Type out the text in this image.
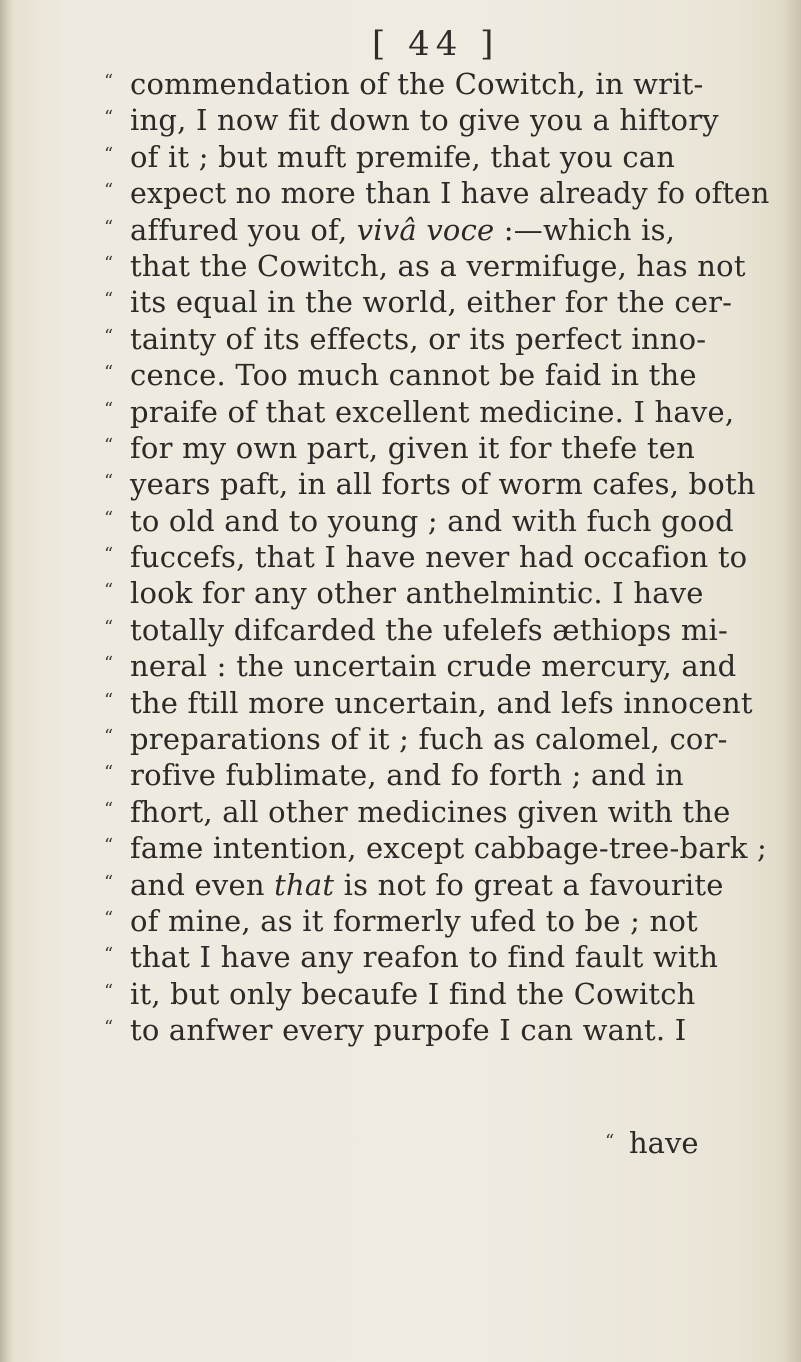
[ 44 ]
“ commendation of the Cowitch, in writ-
“ ing, I now fit down to give you a hiftory
“ of it ; but muft premife, that you can
“ expect no more than I have already fo often
“ affured you of, vivâ voce :—which is,
“ that the Cowitch, as a vermifuge, has not
“ its equal in the world, either for the cer-
“ tainty of its effects, or its perfect inno-
“ cence. Too much cannot be faid in the
“ praife of that excellent medicine. I have,
“ for my own part, given it for thefe ten
“ years paft, in all forts of worm cafes, both
“ to old and to young ; and with fuch good
“ fuccefs, that I have never had occafion to
“ look for any other anthelmintic. I have
“ totally difcarded the ufelefs æthiops mi-
“ neral : the uncertain crude mercury, and
“ the ftill more uncertain, and lefs innocent
“ preparations of it ; fuch as calomel, cor-
“ rofive fublimate, and fo forth ; and in
“ fhort, all other medicines given with the
“ fame intention, except cabbage-tree-bark ;
“ and even that is not fo great a favourite
“ of mine, as it formerly ufed to be ; not
“ that I have any reafon to find fault with
“ it, but only becaufe I find the Cowitch
“ to anfwer every purpofe I can want. I
“ have
